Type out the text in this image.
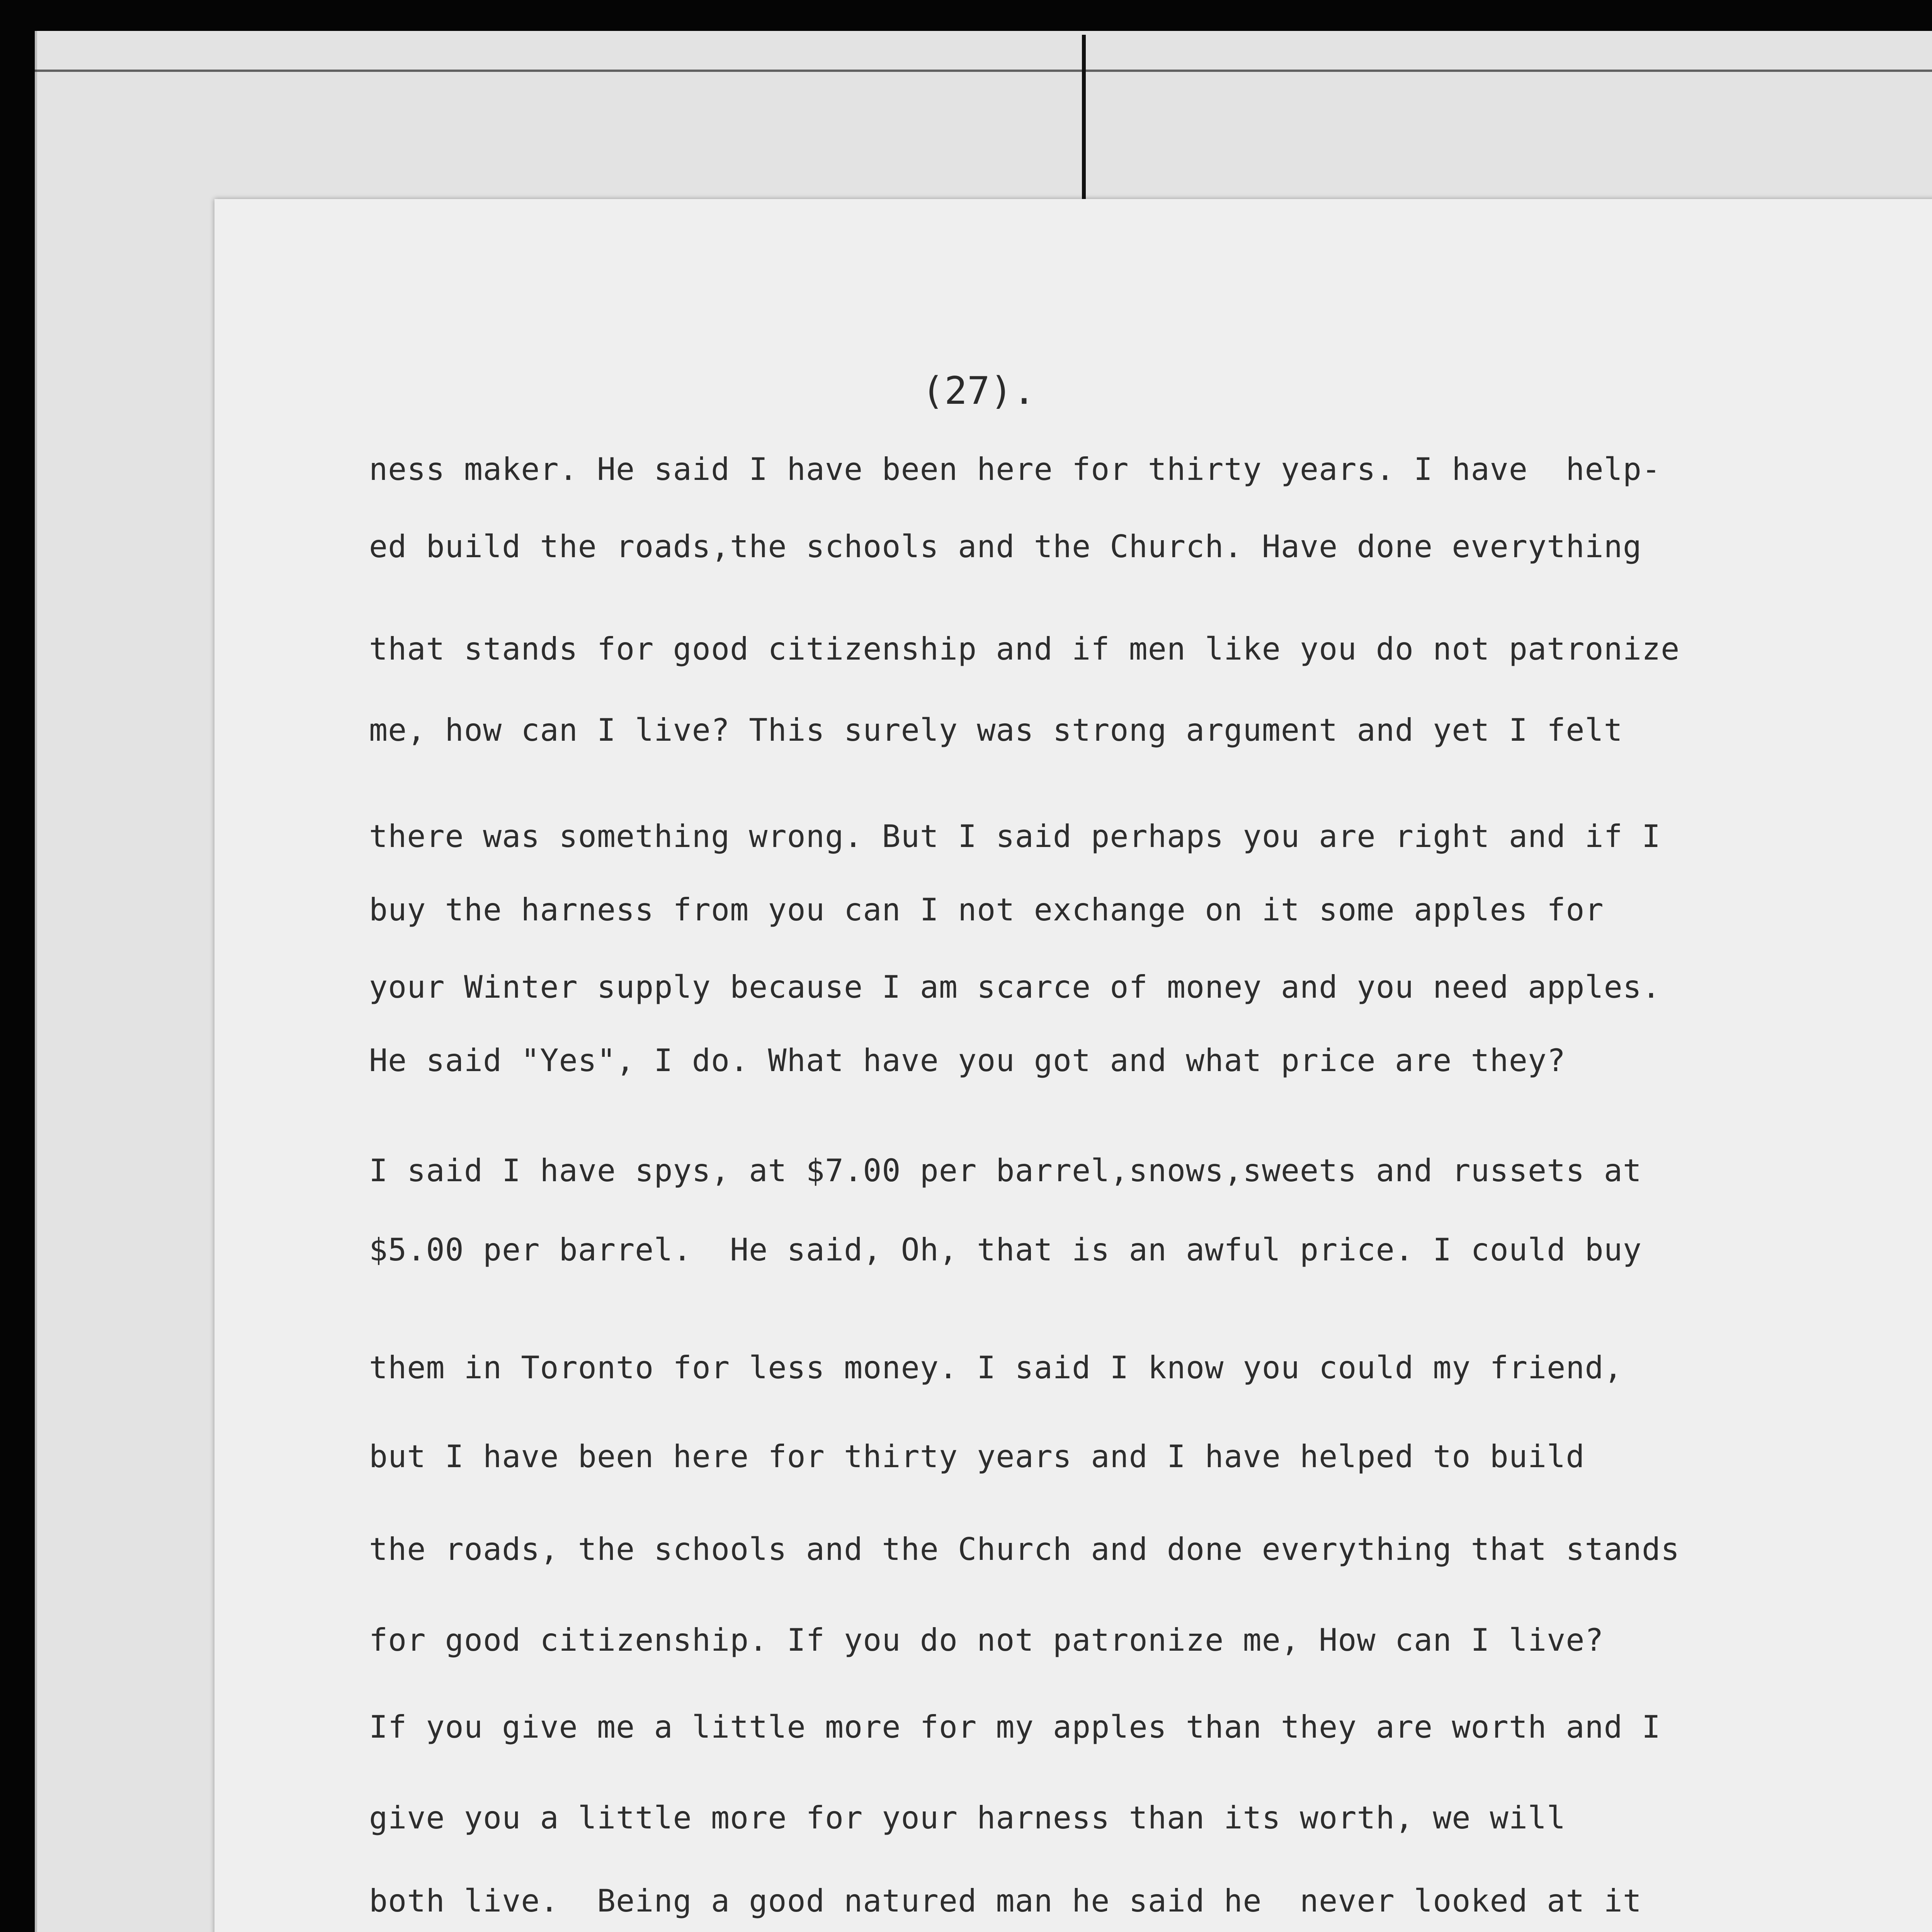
(27).
ness maker. He said I have been here for thirty years. I have  help-
ed build the roads,the schools and the Church. Have done everything
that stands for good citizenship and if men like you do not patronize
me, how can I live? This surely was strong argument and yet I felt
there was something wrong. But I said perhaps you are right and if I
buy the harness from you can I not exchange on it some apples for
your Winter supply because I am scarce of money and you need apples.
He said "Yes", I do. What have you got and what price are they?
I said I have spys, at $7.00 per barrel,snows,sweets and russets at
$5.00 per barrel.  He said, Oh, that is an awful price. I could buy
them in Toronto for less money. I said I know you could my friend,
but I have been here for thirty years and I have helped to build
the roads, the schools and the Church and done everything that stands
for good citizenship. If you do not patronize me, How can I live?
If you give me a little more for my apples than they are worth and I
give you a little more for your harness than its worth, we will
both live.  Being a good natured man he said he  never looked at it
